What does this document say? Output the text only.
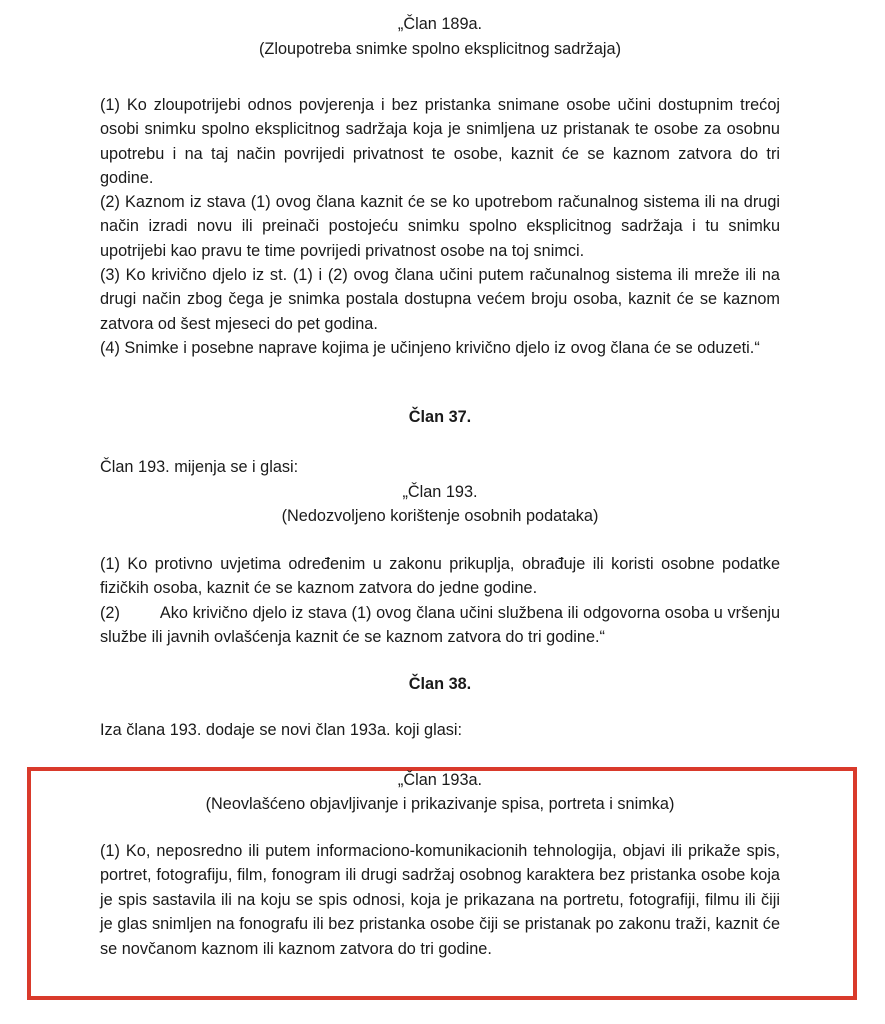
„Član 189a.
(Zloupotreba snimke spolno eksplicitnog sadržaja)
(1) Ko zloupotrijebi odnos povjerenja i bez pristanka snimane osobe učini dostupnim trećoj osobi snimku spolno eksplicitnog sadržaja koja je snimljena uz pristanak te osobe za osobnu upotrebu i na taj način povrijedi privatnost te osobe, kaznit će se kaznom zatvora do tri godine.
(2) Kaznom iz stava (1) ovog člana kaznit će se ko upotrebom računalnog sistema ili na drugi način izradi novu ili preinači postojeću snimku spolno eksplicitnog sadržaja i tu snimku upotrijebi kao pravu te time povrijedi privatnost osobe na toj snimci.
(3) Ko krivično djelo iz st. (1) i (2) ovog člana učini putem računalnog sistema ili mreže ili na drugi način zbog čega je snimka postala dostupna većem broju osoba, kaznit će se kaznom zatvora od šest mjeseci do pet godina.
(4) Snimke i posebne naprave kojima je učinjeno krivično djelo iz ovog člana će se oduzeti.“
Član 37.
Član 193. mijenja se i glasi:
„Član 193.
(Nedozvoljeno korištenje osobnih podataka)
(1) Ko protivno uvjetima određenim u zakonu prikuplja, obrađuje ili koristi osobne podatke fizičkih osoba, kaznit će se kaznom zatvora do jedne godine.
(2) Ako krivično djelo iz stava (1) ovog člana učini službena ili odgovorna osoba u vršenju službe ili javnih ovlašćenja kaznit će se kaznom zatvora do tri godine.“
Član 38.
Iza člana 193. dodaje se novi član 193a. koji glasi:
„Član 193a.
(Neovlašćeno objavljivanje i prikazivanje spisa, portreta i snimka)
(1) Ko, neposredno ili putem informaciono-komunikacionih tehnologija, objavi ili prikaže spis, portret, fotografiju, film, fonogram ili drugi sadržaj osobnog karaktera bez pristanka osobe koja je spis sastavila ili na koju se spis odnosi, koja je prikazana na portretu, fotografiji, filmu ili čiji je glas snimljen na fonografu ili bez pristanka osobe čiji se pristanak po zakonu traži, kaznit će se novčanom kaznom ili kaznom zatvora do tri godine.
